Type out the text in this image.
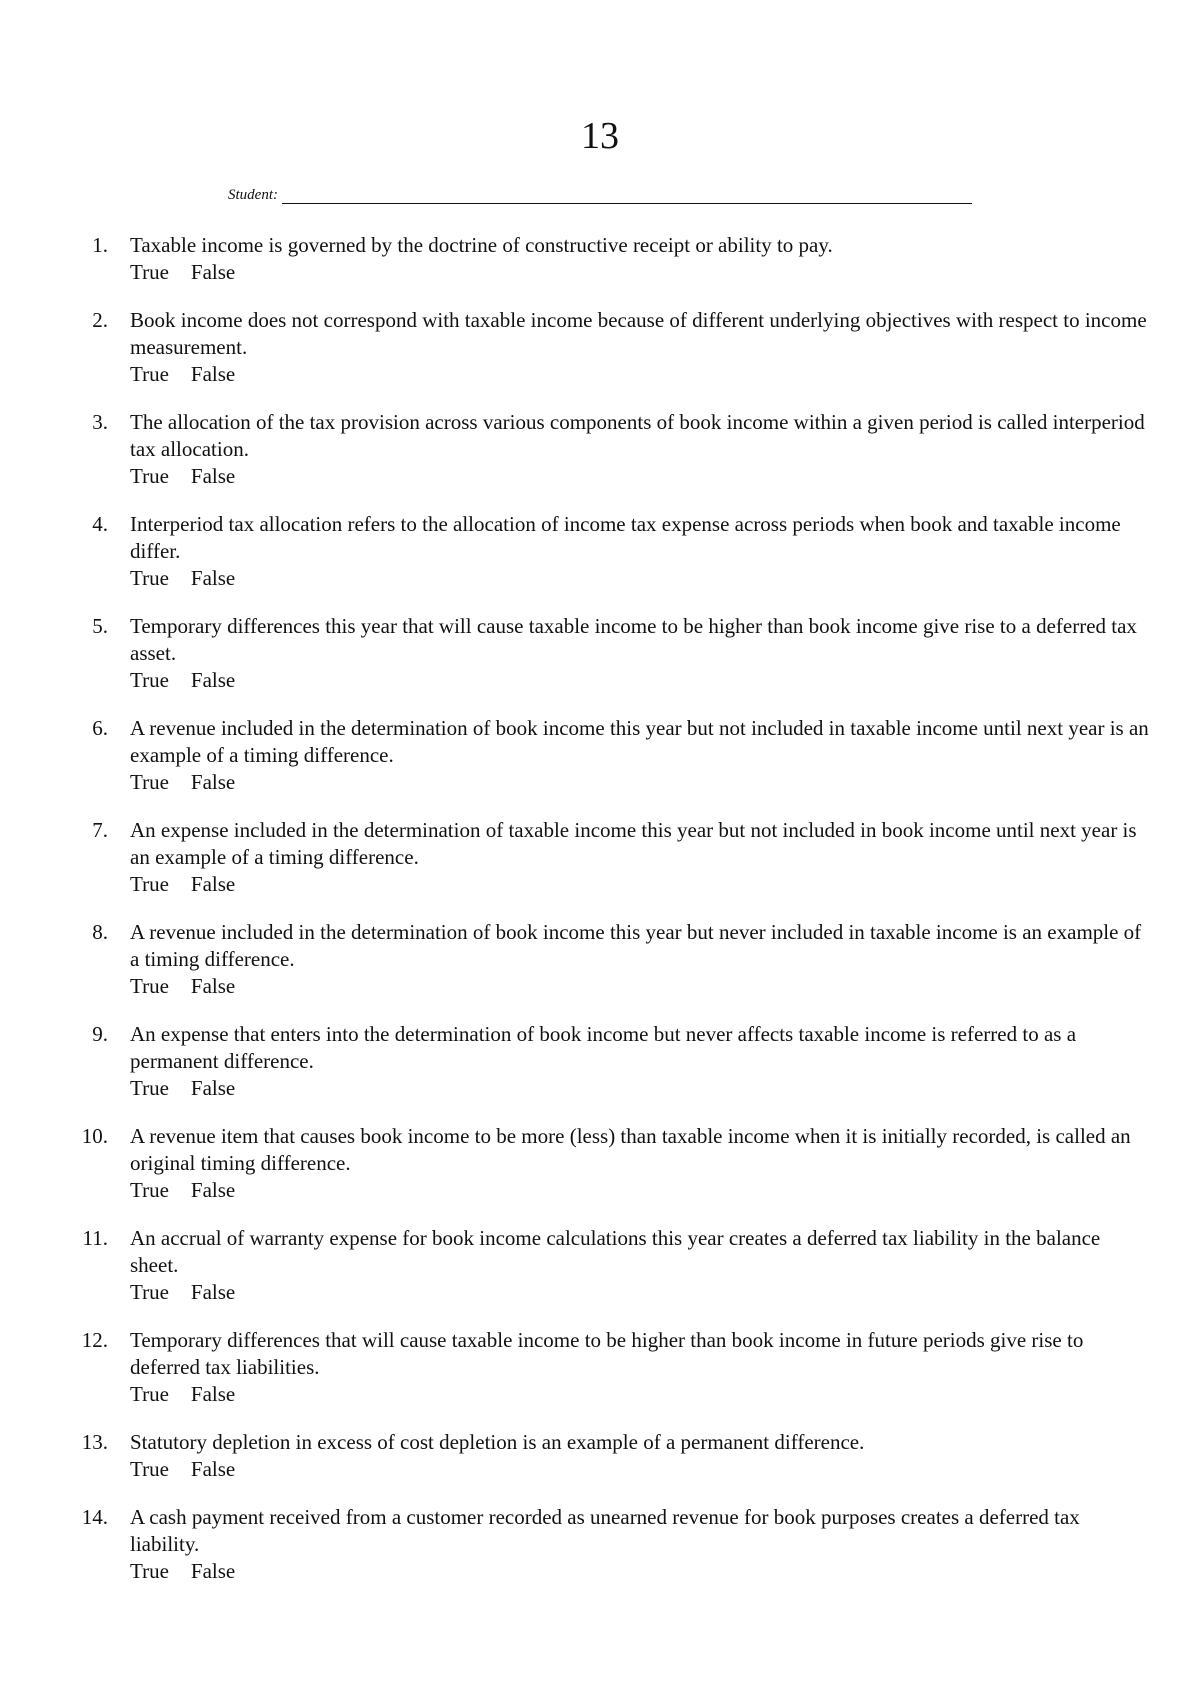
13
Student:
1. Taxable income is governed by the doctrine of constructive receipt or ability to pay.
True False
2. Book income does not correspond with taxable income because of different underlying objectives with respect to income measurement.
True False
3. The allocation of the tax provision across various components of book income within a given period is called interperiod tax allocation.
True False
4. Interperiod tax allocation refers to the allocation of income tax expense across periods when book and taxable income differ.
True False
5. Temporary differences this year that will cause taxable income to be higher than book income give rise to a deferred tax asset.
True False
6. A revenue included in the determination of book income this year but not included in taxable income until next year is an example of a timing difference.
True False
7. An expense included in the determination of taxable income this year but not included in book income until next year is an example of a timing difference.
True False
8. A revenue included in the determination of book income this year but never included in taxable income is an example of a timing difference.
True False
9. An expense that enters into the determination of book income but never affects taxable income is referred to as a permanent difference.
True False
10. A revenue item that causes book income to be more (less) than taxable income when it is initially recorded, is called an original timing difference.
True False
11. An accrual of warranty expense for book income calculations this year creates a deferred tax liability in the balance sheet.
True False
12. Temporary differences that will cause taxable income to be higher than book income in future periods give rise to deferred tax liabilities.
True False
13. Statutory depletion in excess of cost depletion is an example of a permanent difference.
True False
14. A cash payment received from a customer recorded as unearned revenue for book purposes creates a deferred tax liability.
True False
